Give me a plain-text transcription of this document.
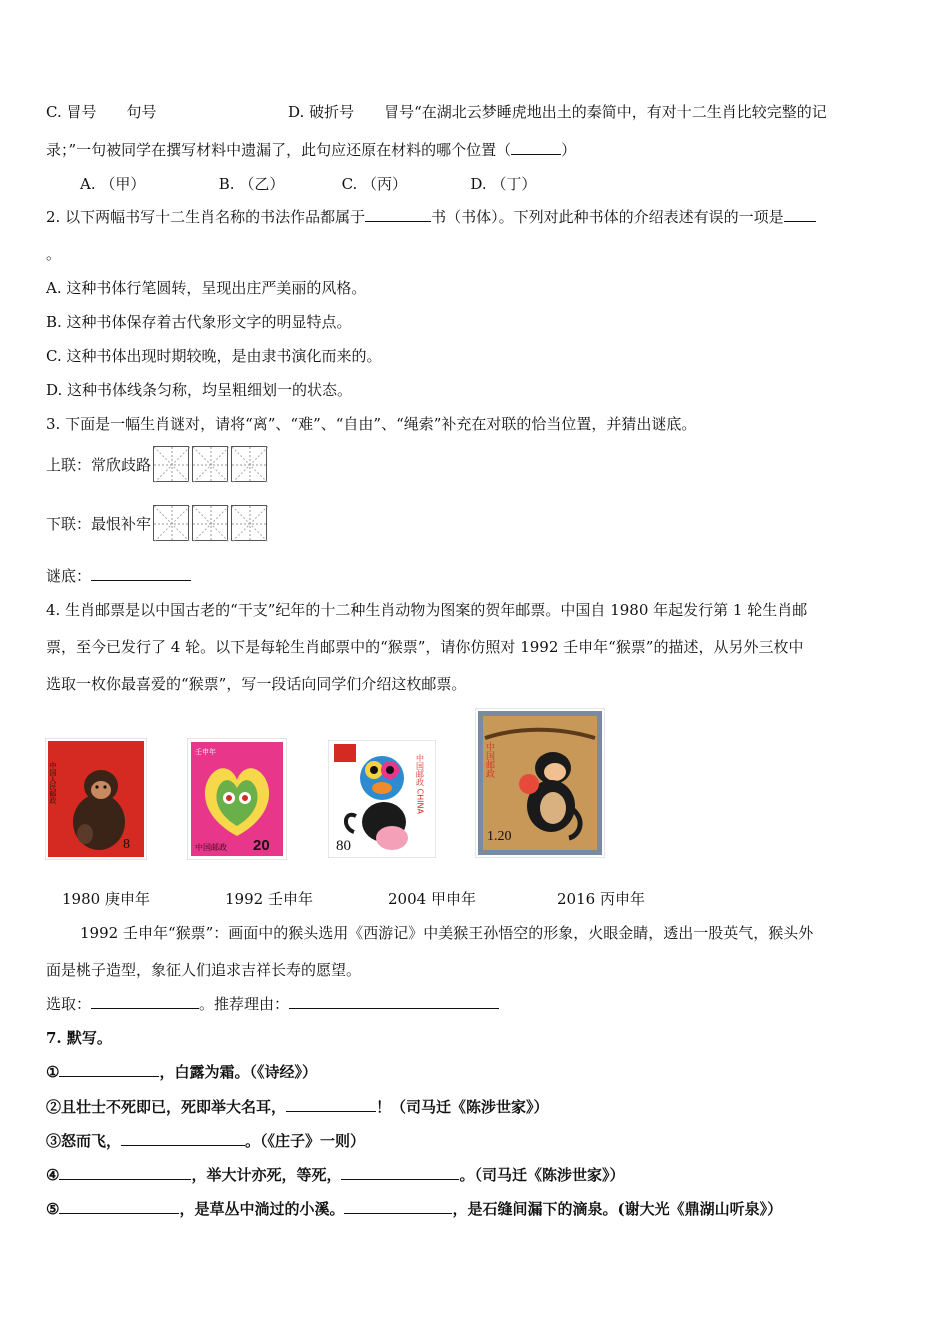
C. 冒号　　句号	D. 破折号　　冒号“在湖北云梦睡虎地出土的秦简中，有对十二生肖比较完整的记
录；”一句被同学在撰写材料中遗漏了，此句应还原在材料的哪个位置（	）
A. （甲）	B. （乙）	C. （丙）	D. （丁）
2. 以下两幅书写十二生肖名称的书法作品都属于	书（书体）。下列对此种书体的介绍表述有误的一项是
。
A. 这种书体行笔圆转，呈现出庄严美丽的风格。
B. 这种书体保存着古代象形文字的明显特点。
C. 这种书体出现时期较晚，是由隶书演化而来的。
D. 这种书体线条匀称，均呈粗细划一的状态。
3. 下面是一幅生肖谜对，请将“离”、“难”、“自由”、“绳索”补充在对联的恰当位置，并猜出谜底。
上联：常欣歧路
下联：最恨补牢
谜底：
4. 生肖邮票是以中国古老的“干支”纪年的十二种生肖动物为图案的贺年邮票。中国自 1980 年起发行第 1 轮生肖邮
票，至今已发行了 4 轮。以下是每轮生肖邮票中的“猴票”，请你仿照对 1992 壬申年“猴票”的描述，从另外三枚中
选取一枚你最喜爱的“猴票”，写一段话向同学们介绍这枚邮票。
中国人民邮政
8
壬申年
中国邮政 20
中国邮政 CHINA
80
中国邮政
1.20
1980 庚申年	1992 壬申年	2004 甲申年	2016 丙申年
1992 壬申年“猴票”：画面中的猴头选用《西游记》中美猴王孙悟空的形象，火眼金睛，透出一股英气，猴头外
面是桃子造型，象征人们追求吉祥长寿的愿望。
选取：	。推荐理由：
7. 默写。
①	，白露为霜。（《诗经》）
②且壮士不死即已，死即举大名耳，	！（司马迁《陈涉世家》）
③怒而飞，	。（《庄子》一则）
④	，举大计亦死，等死，	。（司马迁《陈涉世家》）
⑤	，是草丛中淌过的小溪。	，是石缝间漏下的滴泉。(谢大光《鼎湖山听泉》）
